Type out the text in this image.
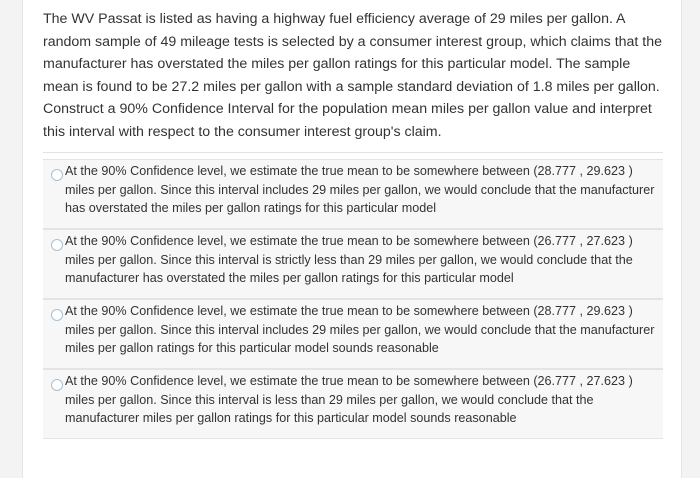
The WV Passat is listed as having a highway fuel efficiency average of 29 miles per gallon. A random sample of 49 mileage tests is selected by a consumer interest group, which claims that the manufacturer has overstated the miles per gallon ratings for this particular model. The sample mean is found to be 27.2 miles per gallon with a sample standard deviation of 1.8 miles per gallon. Construct a 90% Confidence Interval for the population mean miles per gallon value and interpret this interval with respect to the consumer interest group's claim.
At the 90% Confidence level, we estimate the true mean to be somewhere between (28.777 , 29.623 ) miles per gallon. Since this interval includes 29 miles per gallon, we would conclude that the manufacturer has overstated the miles per gallon ratings for this particular model
At the 90% Confidence level, we estimate the true mean to be somewhere between (26.777 , 27.623 ) miles per gallon. Since this interval is strictly less than 29 miles per gallon, we would conclude that the manufacturer has overstated the miles per gallon ratings for this particular model
At the 90% Confidence level, we estimate the true mean to be somewhere between (28.777 , 29.623 ) miles per gallon. Since this interval includes 29 miles per gallon, we would conclude that the manufacturer miles per gallon ratings for this particular model sounds reasonable
At the 90% Confidence level, we estimate the true mean to be somewhere between (26.777 , 27.623 ) miles per gallon. Since this interval is less than 29 miles per gallon, we would conclude that the manufacturer miles per gallon ratings for this particular model sounds reasonable
